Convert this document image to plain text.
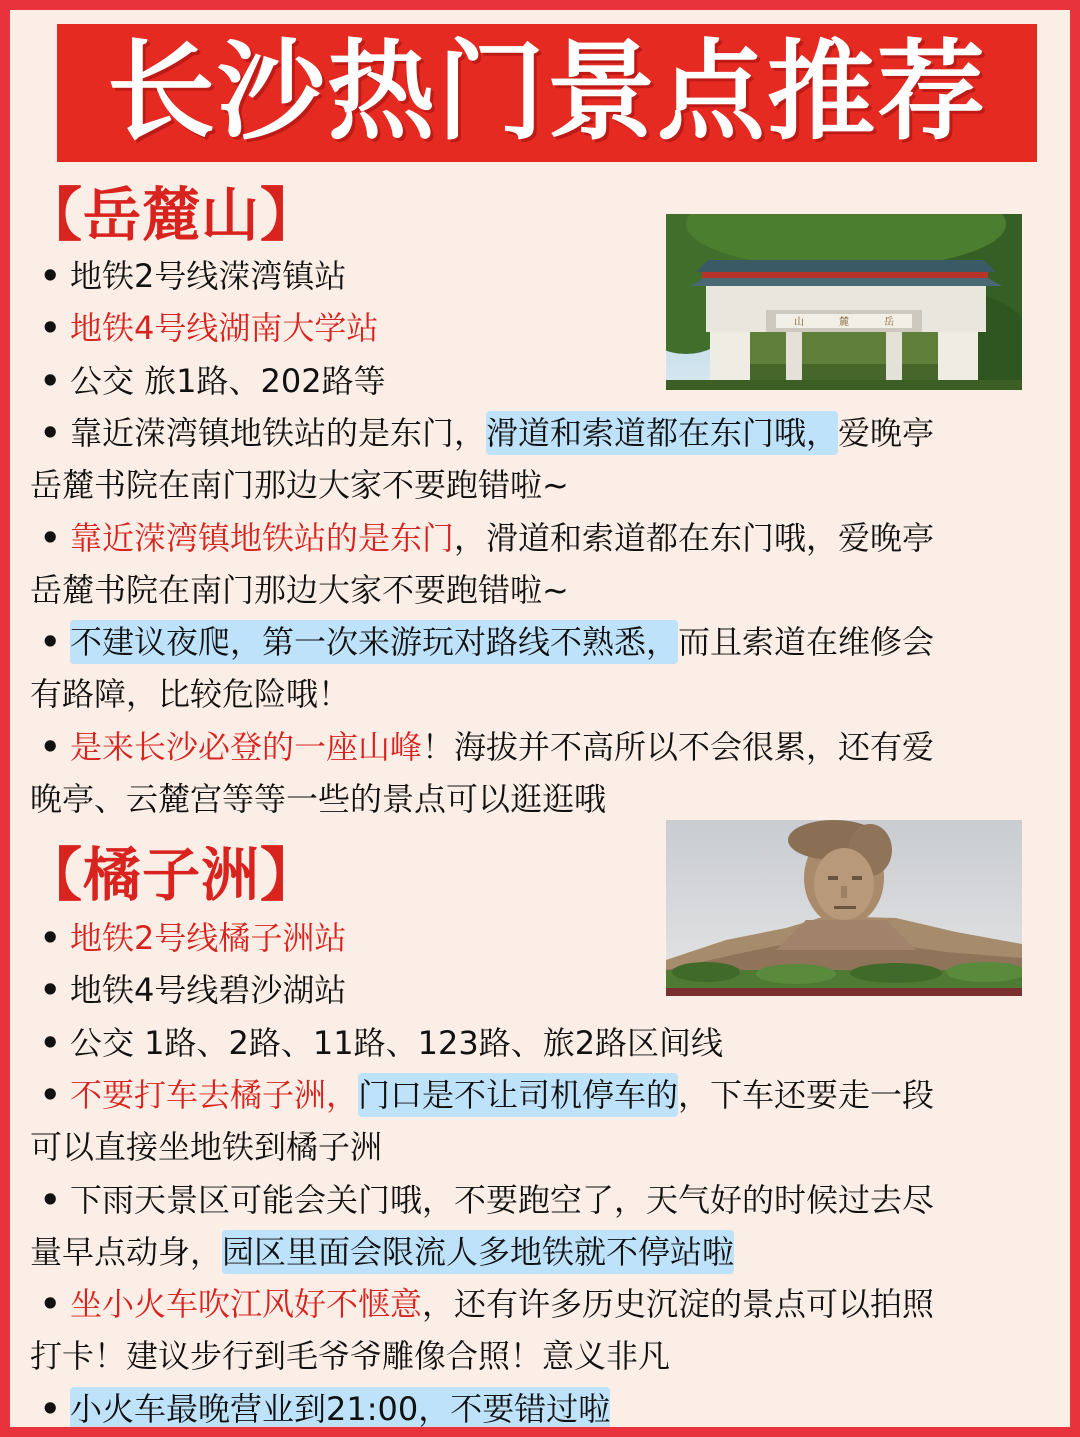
长沙热门景点推荐
【岳麓山】
山	麓	岳
• 地铁2号线溁湾镇站
• 地铁4号线湖南大学站
• 公交 旅1路、202路等
• 靠近溁湾镇地铁站的是东门，滑道和索道都在东门哦，爱晚亭
岳麓书院在南门那边大家不要跑错啦~
• 靠近溁湾镇地铁站的是东门，滑道和索道都在东门哦，爱晚亭
岳麓书院在南门那边大家不要跑错啦~
• 不建议夜爬，第一次来游玩对路线不熟悉，而且索道在维修会
有路障，比较危险哦！
• 是来长沙必登的一座山峰！海拔并不高所以不会很累，还有爱
晚亭、云麓宫等等一些的景点可以逛逛哦
【橘子洲】
• 地铁2号线橘子洲站
• 地铁4号线碧沙湖站
• 公交 1路、2路、11路、123路、旅2路区间线
• 不要打车去橘子洲，门口是不让司机停车的，下车还要走一段
可以直接坐地铁到橘子洲
• 下雨天景区可能会关门哦，不要跑空了，天气好的时候过去尽
量早点动身，园区里面会限流人多地铁就不停站啦
• 坐小火车吹江风好不惬意，还有许多历史沉淀的景点可以拍照
打卡！建议步行到毛爷爷雕像合照！意义非凡
• 小火车最晚营业到21:00，不要错过啦
